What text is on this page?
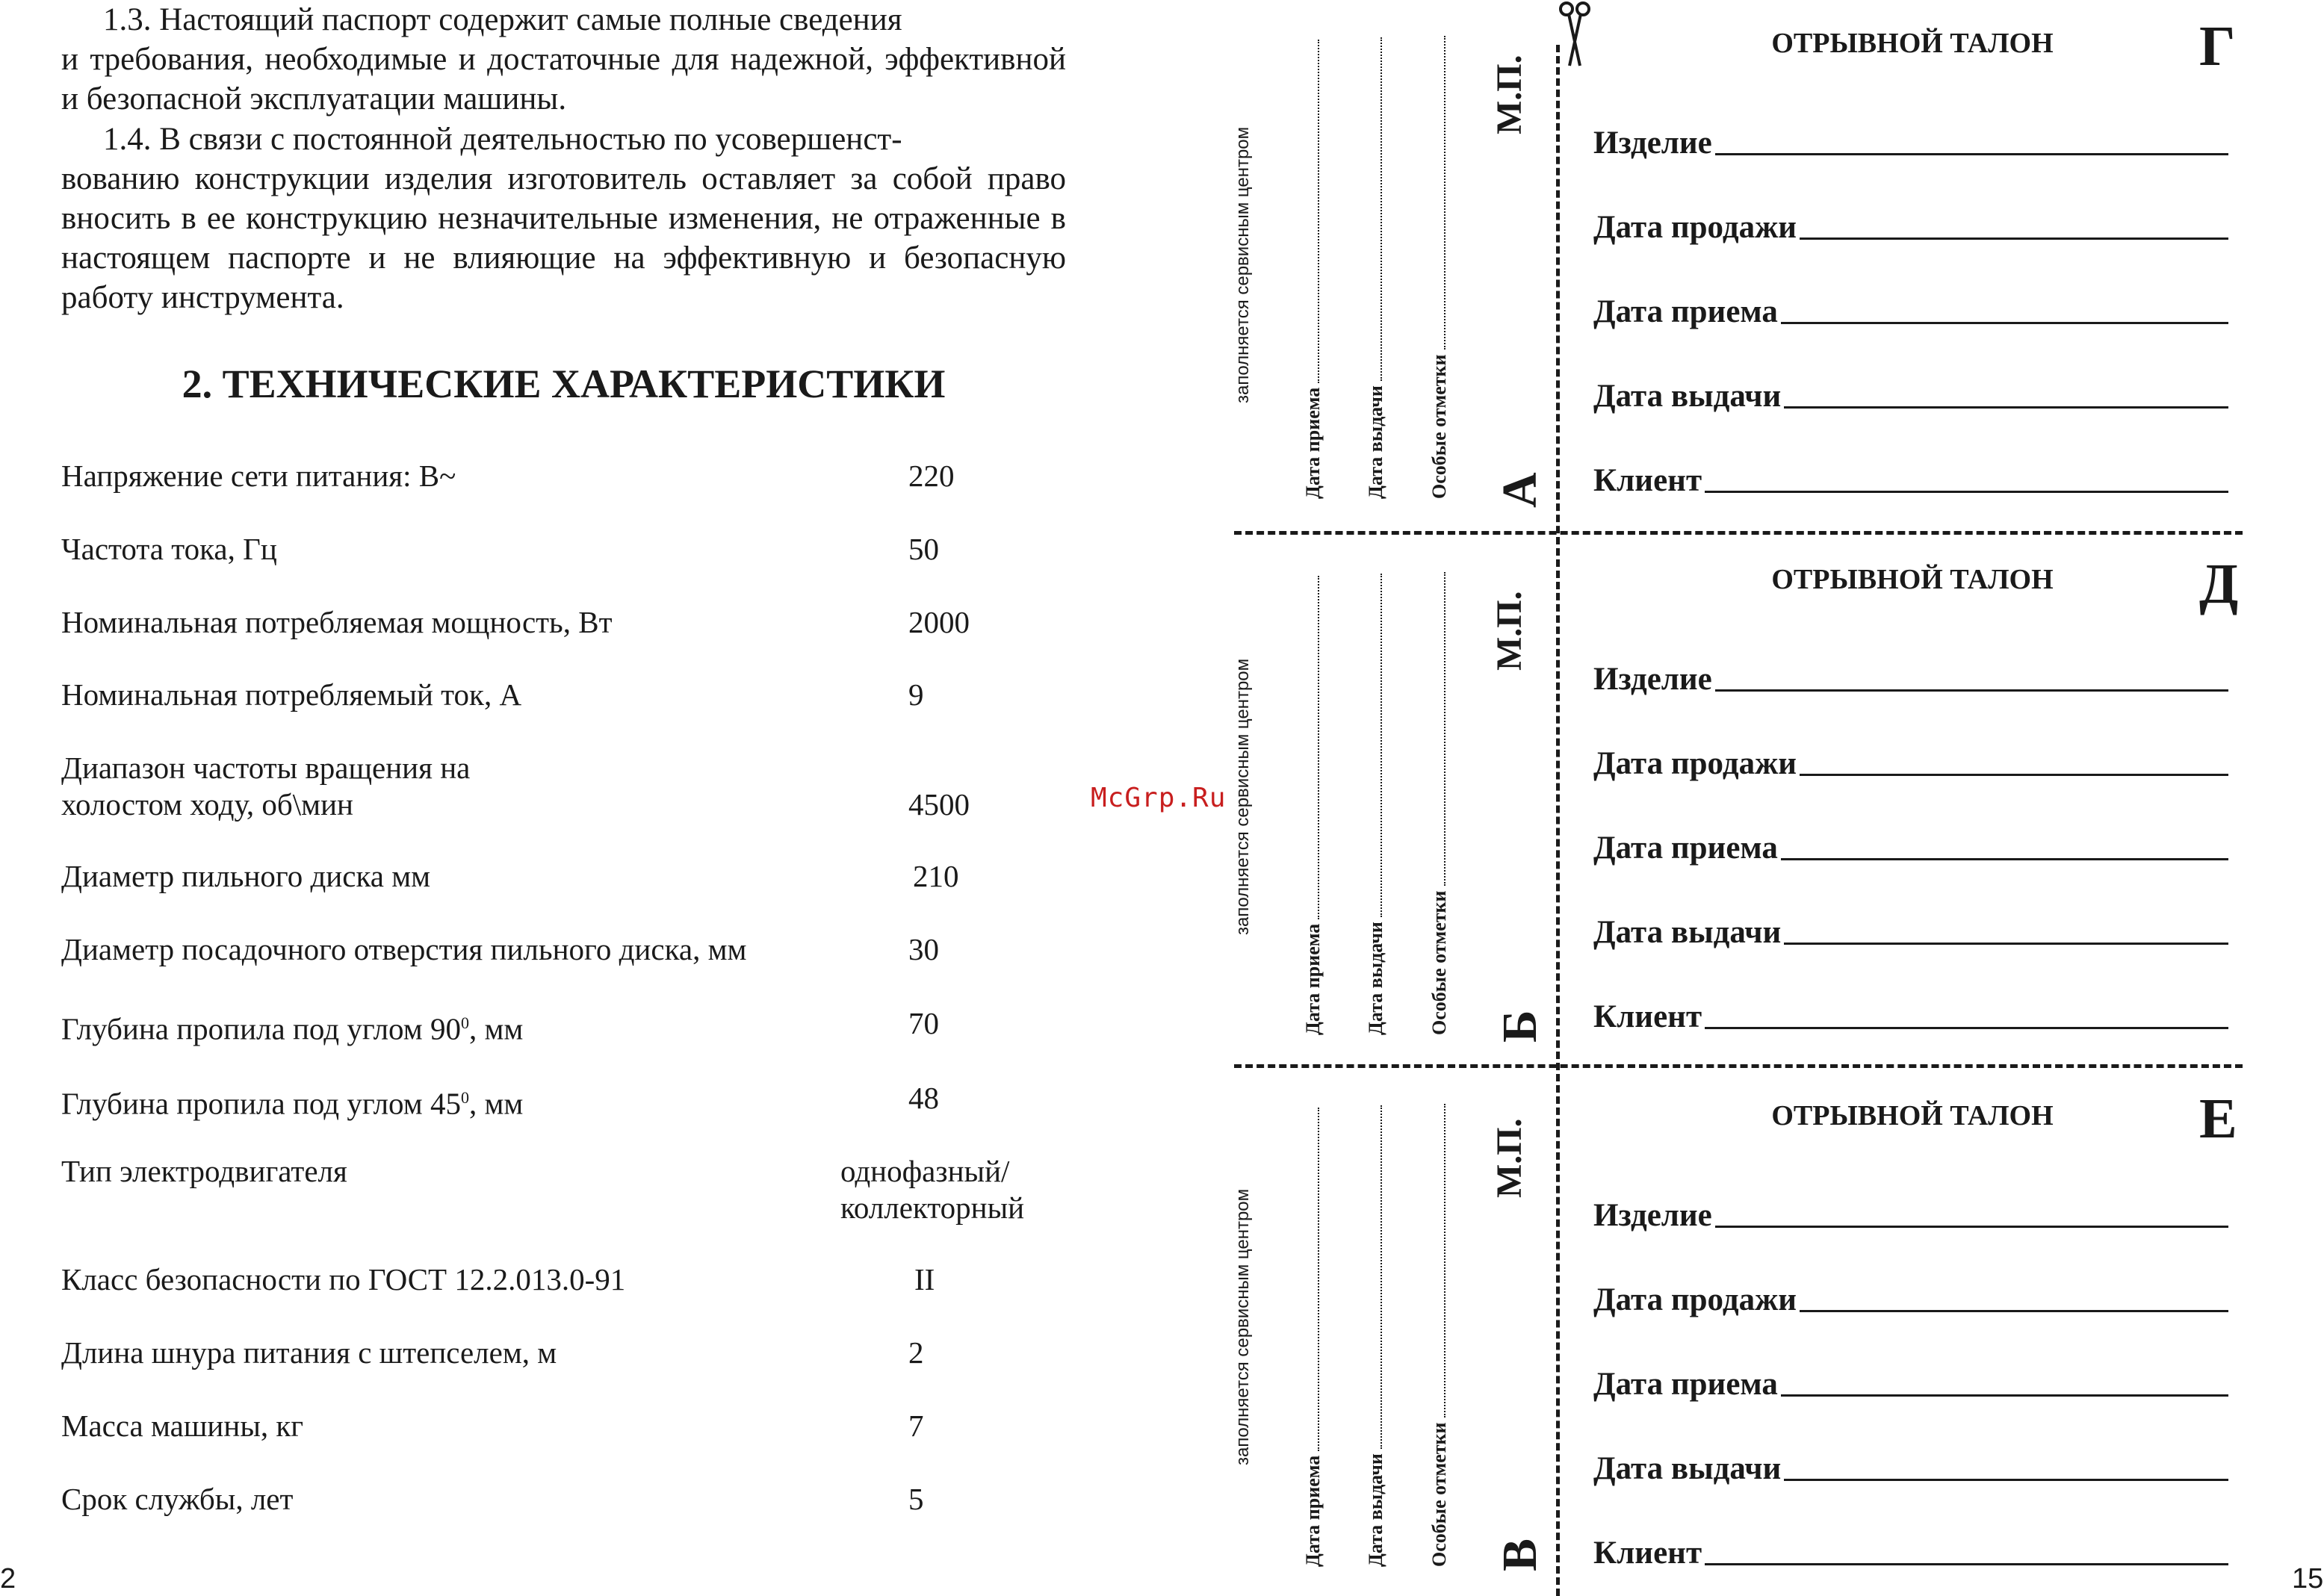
1.3. Настоящий паспорт содержит самые полные сведения
и требования, необходимые и достаточные для надежной, эффективной и безопасной эксплуатации машины.
1.4. В связи с постоянной деятельностью по усовершенст-
вованию конструкции изделия изготовитель оставляет за собой право вносить в ее конструкцию незначительные изменения, не отраженные в настоящем паспорте и не влияющие на эффективную и безопасную работу инструмента.
2. ТЕХНИЧЕСКИЕ ХАРАКТЕРИСТИКИ
Напряжение сети питания: В~	220
Частота тока, Гц	50
Номинальная потребляемая мощность, Вт	2000
Номинальная потребляемый ток, А	9
Диапазон частоты вращения на
холостом ходу, об\мин	4500
Диаметр пильного диска мм	210
Диаметр посадочного отверстия пильного диска, мм	30
Глубина пропила под углом $90^0$, мм	70
Глубина пропила под углом $45^0$, мм	48
Тип электродвигателя	однофазный/
коллекторный
Класс безопасности по ГОСТ 12.2.013.0-91	II
Длина шнура питания с штепселем, м	2
Масса машины, кг	7
Срок службы, лет	5
2
McGrp.Ru
заполняется сервисным центром
Дата приема Дата выдачи Особые отметки
М.П.
А
заполняется сервисным центром
Дата приема Дата выдачи Особые отметки
М.П.
Б
заполняется сервисным центром
Дата приема Дата выдачи Особые отметки
М.П.
В
ОТРЫВНОЙ ТАЛОН	Г
Изделие
Дата продажи
Дата приема
Дата выдачи
Клиент
ОТРЫВНОЙ ТАЛОН	Д
Изделие
Дата продажи
Дата приема
Дата выдачи
Клиент
ОТРЫВНОЙ ТАЛОН	Е
Изделие
Дата продажи
Дата приема
Дата выдачи
Клиент
15
